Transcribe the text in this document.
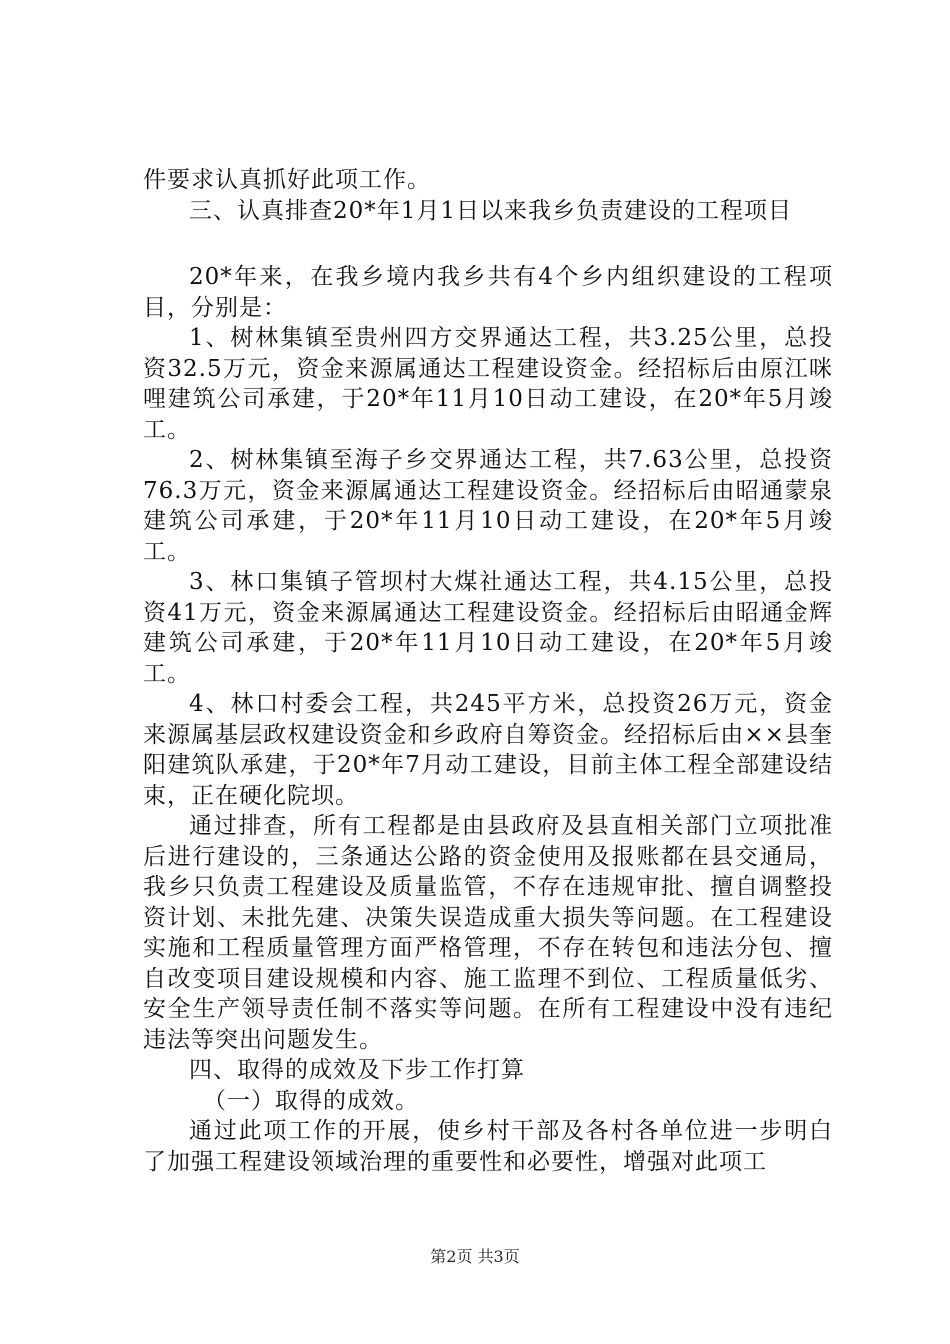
件要求认真抓好此项工作。

三、认真排查20*年1月1日以来我乡负责建设的工程项目

20*年来，在我乡境内我乡共有4个乡内组织建设的工程项目，分别是：

1、树林集镇至贵州四方交界通达工程，共3.25公里，总投资32.5万元，资金来源属通达工程建设资金。经招标后由原江咪哩建筑公司承建，于20*年11月10日动工建设，在20*年5月竣工。

2、树林集镇至海子乡交界通达工程，共7.63公里，总投资76.3万元，资金来源属通达工程建设资金。经招标后由昭通蒙泉建筑公司承建，于20*年11月10日动工建设，在20*年5月竣工。

3、林口集镇子管坝村大煤社通达工程，共4.15公里，总投资41万元，资金来源属通达工程建设资金。经招标后由昭通金辉建筑公司承建，于20*年11月10日动工建设，在20*年5月竣工。

4、林口村委会工程，共245平方米，总投资26万元，资金来源属基层政权建设资金和乡政府自筹资金。经招标后由××县奎阳建筑队承建，于20*年7月动工建设，目前主体工程全部建设结束，正在硬化院坝。

通过排查，所有工程都是由县政府及县直相关部门立项批准后进行建设的，三条通达公路的资金使用及报账都在县交通局，我乡只负责工程建设及质量监管，不存在违规审批、擅自调整投资计划、未批先建、决策失误造成重大损失等问题。在工程建设实施和工程质量管理方面严格管理，不存在转包和违法分包、擅自改变项目建设规模和内容、施工监理不到位、工程质量低劣、安全生产领导责任制不落实等问题。在所有工程建设中没有违纪违法等突出问题发生。

四、取得的成效及下步工作打算

（一）取得的成效。

通过此项工作的开展，使乡村干部及各村各单位进一步明白了加强工程建设领域治理的重要性和必要性，增强对此项工

第2页 共3页
